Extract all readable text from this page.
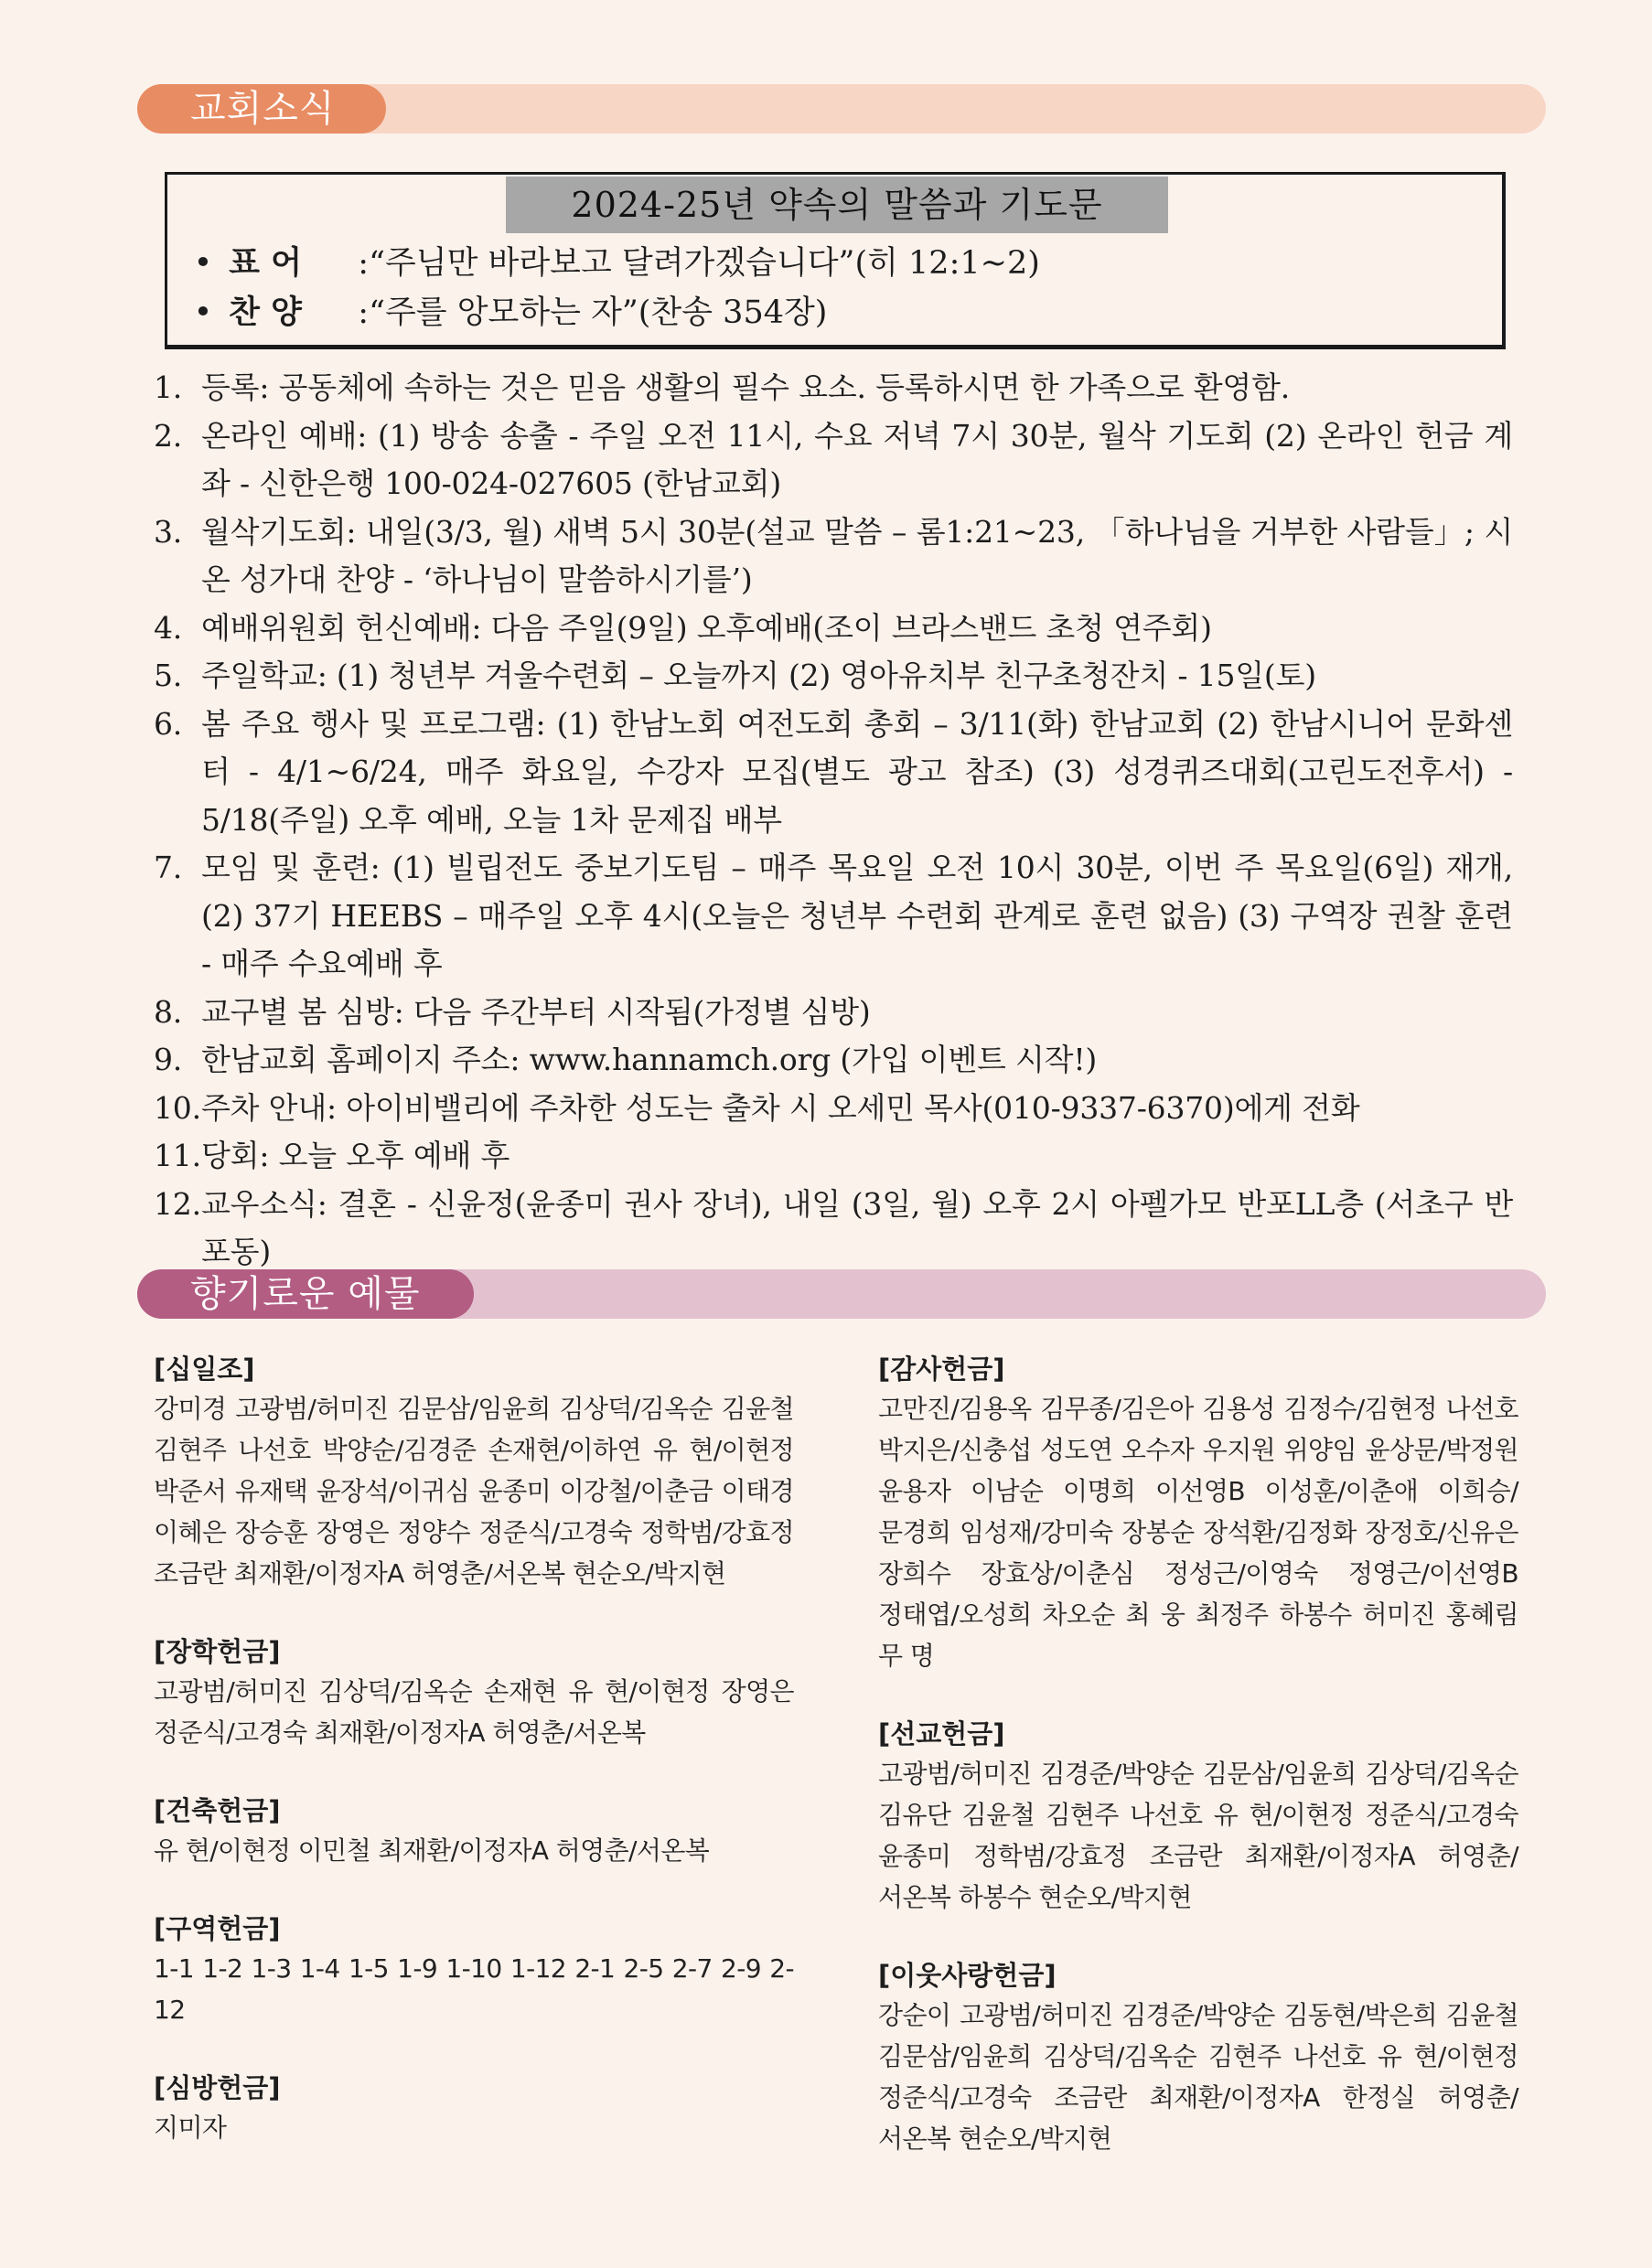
교회소식
2024-25년 약속의 말씀과 기도문
• 표 어 :“주님만 바라보고 달려가겠습니다”(히 12:1~2)
• 찬 양 :“주를 앙모하는 자”(찬송 354장)
1. 등록: 공동체에 속하는 것은 믿음 생활의 필수 요소. 등록하시면 한 가족으로 환영함.
2. 온라인 예배: (1) 방송 송출 - 주일 오전 11시, 수요 저녁 7시 30분, 월삭 기도회 (2) 온라인 헌금 계좌 - 신한은행 100-024-027605 (한남교회)
3. 월삭기도회: 내일(3/3, 월) 새벽 5시 30분(설교 말씀 – 롬1:21~23, 「하나님을 거부한 사람들」; 시온 성가대 찬양 - ‘하나님이 말씀하시기를’)
4. 예배위원회 헌신예배: 다음 주일(9일) 오후예배(조이 브라스밴드 초청 연주회)
5. 주일학교: (1) 청년부 겨울수련회 – 오늘까지 (2) 영아유치부 친구초청잔치 - 15일(토)
6. 봄 주요 행사 및 프로그램: (1) 한남노회 여전도회 총회 – 3/11(화) 한남교회 (2) 한남시니어 문화센터 - 4/1~6/24, 매주 화요일, 수강자 모집(별도 광고 참조) (3) 성경퀴즈대회(고린도전후서) - 5/18(주일) 오후 예배, 오늘 1차 문제집 배부
7. 모임 및 훈련: (1) 빌립전도 중보기도팀 – 매주 목요일 오전 10시 30분, 이번 주 목요일(6일) 재개, (2) 37기 HEEBS – 매주일 오후 4시(오늘은 청년부 수련회 관계로 훈련 없음) (3) 구역장 권찰 훈련 - 매주 수요예배 후
8. 교구별 봄 심방: 다음 주간부터 시작됨(가정별 심방)
9. 한남교회 홈페이지 주소: www.hannamch.org (가입 이벤트 시작!)
10.주차 안내: 아이비밸리에 주차한 성도는 출차 시 오세민 목사(010-9337-6370)에게 전화
11.당회: 오늘 오후 예배 후
12.교우소식: 결혼 - 신윤정(윤종미 권사 장녀), 내일 (3일, 월) 오후 2시 아펠가모 반포LL층 (서초구 반포동)
향기로운 예물
[십일조]
강미경 고광범/허미진 김문삼/임윤희 김상덕/김옥순 김윤철 김현주 나선호 박양순/김경준 손재현/이하연 유 현/이현정 박준서 유재택 윤장석/이귀심 윤종미 이강철/이춘금 이태경 이혜은 장승훈 장영은 정양수 정준식/고경숙 정학범/강효정 조금란 최재환/이정자A 허영춘/서온복 현순오/박지현
[장학헌금]
고광범/허미진 김상덕/김옥순 손재현 유 현/이현정 장영은 정준식/고경숙 최재환/이정자A 허영춘/서온복
[건축헌금]
유 현/이현정 이민철 최재환/이정자A 허영춘/서온복
[구역헌금]
1-1 1-2 1-3 1-4 1-5 1-9 1-10 1-12 2-1 2-5 2-7 2-9 2-12
[심방헌금]
지미자
[감사헌금]
고만진/김용옥 김무종/김은아 김용성 김정수/김현정 나선호 박지은/신충섭 성도연 오수자 우지원 위양임 윤상문/박정원 윤용자 이남순 이명희 이선영B 이성훈/이춘애 이희승/문경희 임성재/강미숙 장봉순 장석환/김정화 장정호/신유은 장희수 장효상/이춘심 정성근/이영숙 정영근/이선영B 정태엽/오성희 차오순 최 웅 최정주 하봉수 허미진 홍혜림 무 명
[선교헌금]
고광범/허미진 김경준/박양순 김문삼/임윤희 김상덕/김옥순 김유단 김윤철 김현주 나선호 유 현/이현정 정준식/고경숙 윤종미 정학범/강효정 조금란 최재환/이정자A 허영춘/서온복 하봉수 현순오/박지현
[이웃사랑헌금]
강순이 고광범/허미진 김경준/박양순 김동현/박은희 김윤철 김문삼/임윤희 김상덕/김옥순 김현주 나선호 유 현/이현정 정준식/고경숙 조금란 최재환/이정자A 한정실 허영춘/서온복 현순오/박지현
